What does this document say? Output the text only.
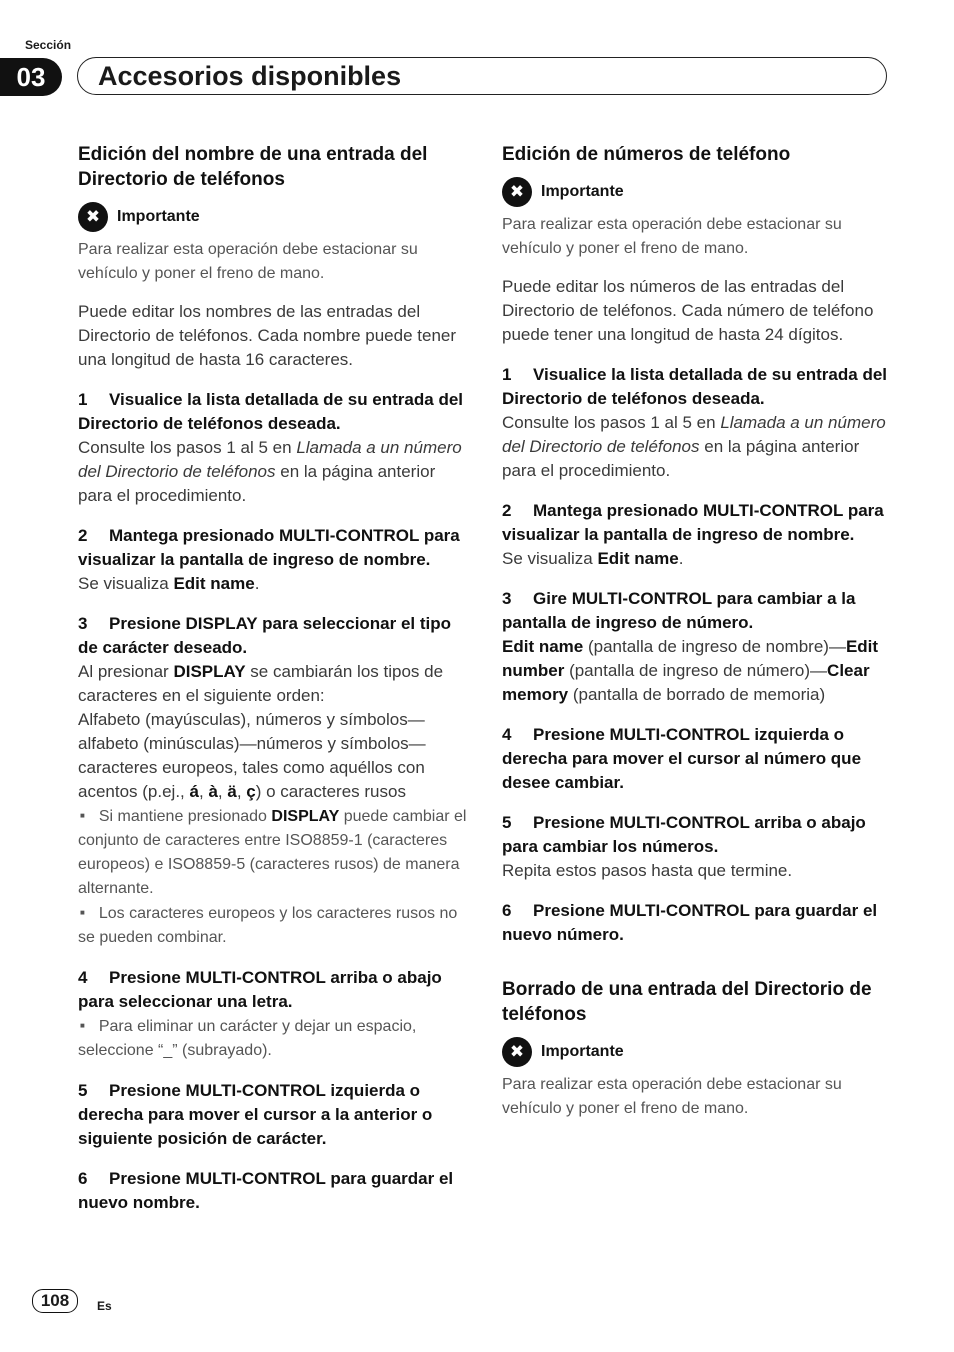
Sección
03	Accesorios disponibles

Edición del nombre de una entrada del Directorio de teléfonos

✖	Importante

Para realizar esta operación debe estacionar su vehículo y poner el freno de mano.

Puede editar los nombres de las entradas del Directorio de teléfonos. Cada nombre puede tener una longitud de hasta 16 caracteres.

1 Visualice la lista detallada de su entrada del Directorio de teléfonos deseada.

Consulte los pasos 1 al 5 en Llamada a un número del Directorio de teléfonos en la página anterior para el procedimiento.

2 Mantega presionado MULTI-CONTROL para visualizar la pantalla de ingreso de nombre.

Se visualiza Edit name.

3 Presione DISPLAY para seleccionar el tipo de carácter deseado.

Al presionar DISPLAY se cambiarán los tipos de caracteres en el siguiente orden:

Alfabeto (mayúsculas), números y símbolos—alfabeto (minúsculas)—números y símbolos—caracteres europeos, tales como aquéllos con acentos (p.ej., á, à, ä, ç) o caracteres rusos

■ Si mantiene presionado DISPLAY puede cambiar el conjunto de caracteres entre ISO8859-1 (caracteres europeos) e ISO8859-5 (caracteres rusos) de manera alternante.

■ Los caracteres europeos y los caracteres rusos no se pueden combinar.

4 Presione MULTI-CONTROL arriba o abajo para seleccionar una letra.

■ Para eliminar un carácter y dejar un espacio, seleccione “_” (subrayado).

5 Presione MULTI-CONTROL izquierda o derecha para mover el cursor a la anterior o siguiente posición de carácter.

6 Presione MULTI-CONTROL para guardar el nuevo nombre.

Edición de números de teléfono

✖	Importante

Para realizar esta operación debe estacionar su vehículo y poner el freno de mano.

Puede editar los números de las entradas del Directorio de teléfonos. Cada número de teléfono puede tener una longitud de hasta 24 dígitos.

1 Visualice la lista detallada de su entrada del Directorio de teléfonos deseada.

Consulte los pasos 1 al 5 en Llamada a un número del Directorio de teléfonos en la página anterior para el procedimiento.

2 Mantega presionado MULTI-CONTROL para visualizar la pantalla de ingreso de nombre.

Se visualiza Edit name.

3 Gire MULTI-CONTROL para cambiar a la pantalla de ingreso de número.

Edit name (pantalla de ingreso de nombre)—Edit number (pantalla de ingreso de número)—Clear memory (pantalla de borrado de memoria)

4 Presione MULTI-CONTROL izquierda o derecha para mover el cursor al número que desee cambiar.

5 Presione MULTI-CONTROL arriba o abajo para cambiar los números.

Repita estos pasos hasta que termine.

6 Presione MULTI-CONTROL para guardar el nuevo número.

Borrado de una entrada del Directorio de teléfonos

✖	Importante

Para realizar esta operación debe estacionar su vehículo y poner el freno de mano.

108	Es
